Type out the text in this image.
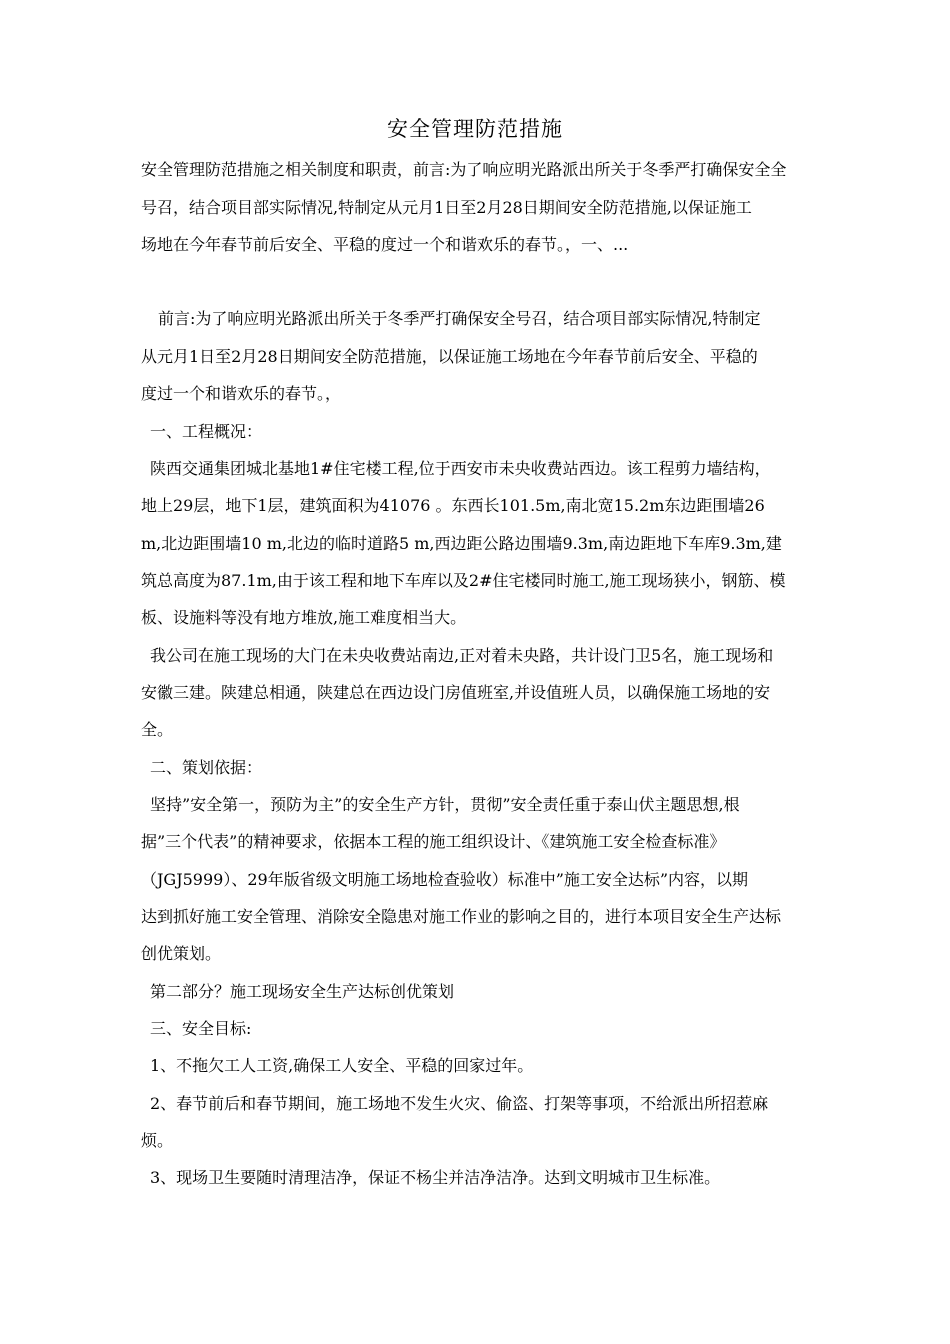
安全管理防范措施
安全管理防范措施之相关制度和职责，前言:为了响应明光路派出所关于冬季严打确保安全全
号召，结合项目部实际情况,特制定从元月1日至2月28日期间安全防范措施,以保证施工
场地在今年春节前后安全、平稳的度过一个和谐欢乐的春节。，一、...
前言:为了响应明光路派出所关于冬季严打确保安全号召，结合项目部实际情况,特制定
从元月1日至2月28日期间安全防范措施，以保证施工场地在今年春节前后安全、平稳的
度过一个和谐欢乐的春节。，
一、工程概况：
陕西交通集团城北基地1#住宅楼工程,位于西安市未央收费站西边。该工程剪力墙结构，
地上29层，地下1层，建筑面积为41076 。东西长101.5m,南北宽15.2m东边距围墙26
m,北边距围墙10 m,北边的临时道路5 m,西边距公路边围墙9.3m,南边距地下车库9.3m,建
筑总高度为87.1m,由于该工程和地下车库以及2#住宅楼同时施工,施工现场狭小，钢筋、模
板、设施料等没有地方堆放,施工难度相当大。
我公司在施工现场的大门在未央收费站南边,正对着未央路，共计设门卫5名，施工现场和
安徽三建。陕建总相通，陕建总在西边设门房值班室,并设值班人员，以确保施工场地的安
全。
二、策划依据：
坚持”安全第一，预防为主”的安全生产方针，贯彻”安全责任重于泰山伏主题思想,根
据”三个代表”的精神要求，依据本工程的施工组织设计、《建筑施工安全检查标准》
（JGJ5999）、29年版省级文明施工场地检查验收）标准中”施工安全达标”内容，以期
达到抓好施工安全管理、消除安全隐患对施工作业的影响之目的，进行本项目安全生产达标
创优策划。
第二部分？施工现场安全生产达标创优策划
三、安全目标:
1、不拖欠工人工资,确保工人安全、平稳的回家过年。
2、春节前后和春节期间，施工场地不发生火灾、偷盗、打架等事项，不给派出所招惹麻
烦。
3、现场卫生要随时清理洁净，保证不杨尘并洁净洁净。达到文明城市卫生标准。
